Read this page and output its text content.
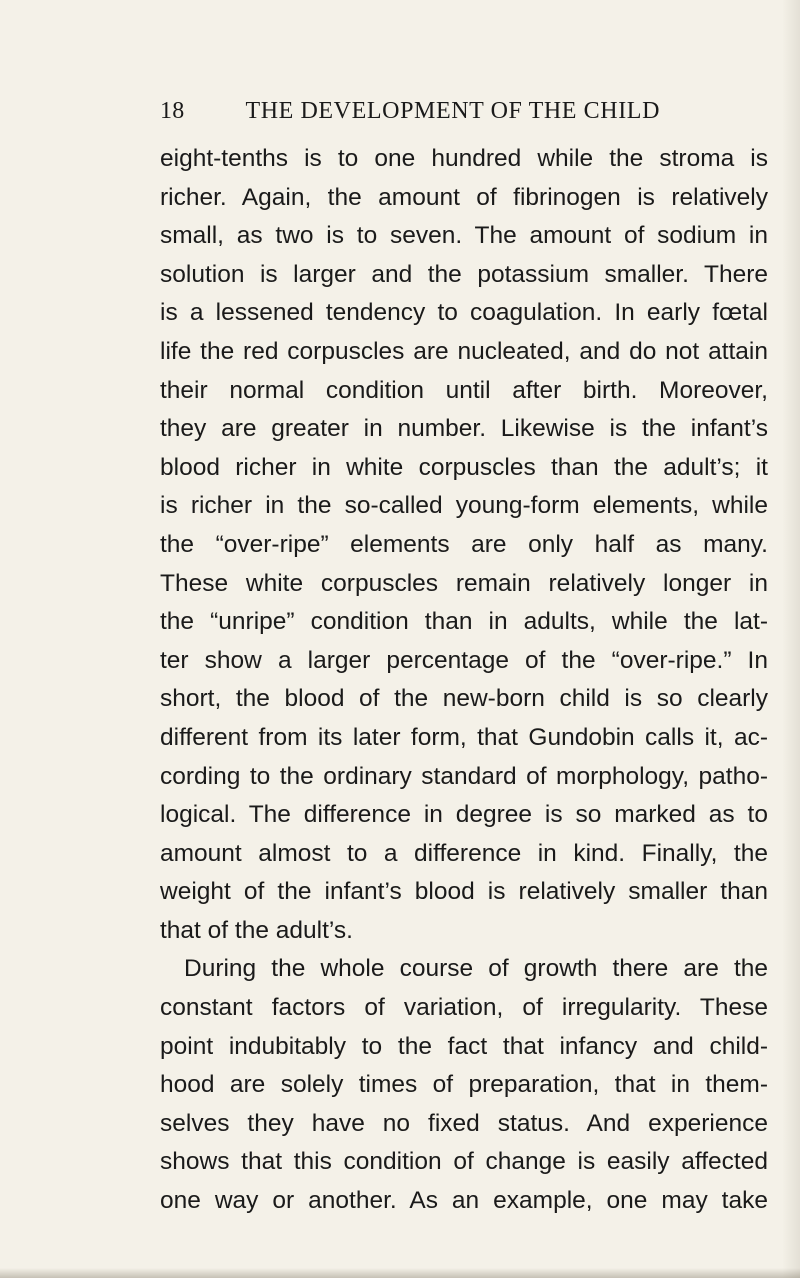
18	THE DEVELOPMENT OF THE CHILD
eight-tenths is to one hundred while the stroma is
richer. Again, the amount of fibrinogen is relatively
small, as two is to seven. The amount of sodium in
solution is larger and the potassium smaller. There
is a lessened tendency to coagulation. In early fœtal
life the red corpuscles are nucleated, and do not attain
their normal condition until after birth. Moreover,
they are greater in number. Likewise is the infant’s
blood richer in white corpuscles than the adult’s; it
is richer in the so-called young-form elements, while
the “over-ripe” elements are only half as many.
These white corpuscles remain relatively longer in
the “unripe” condition than in adults, while the lat-
ter show a larger percentage of the “over-ripe.” In
short, the blood of the new-born child is so clearly
different from its later form, that Gundobin calls it, ac-
cording to the ordinary standard of morphology, patho-
logical. The difference in degree is so marked as to
amount almost to a difference in kind. Finally, the
weight of the infant’s blood is relatively smaller than
that of the adult’s.
During the whole course of growth there are the
constant factors of variation, of irregularity. These
point indubitably to the fact that infancy and child-
hood are solely times of preparation, that in them-
selves they have no fixed status. And experience
shows that this condition of change is easily affected
one way or another. As an example, one may take
